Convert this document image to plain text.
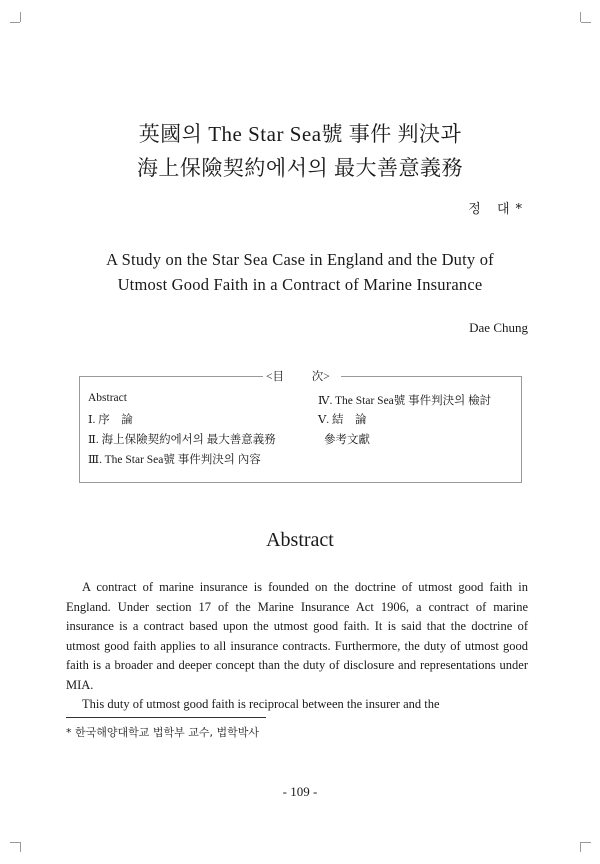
英國의 The Star Sea號 事件 判決과
海上保險契約에서의 最大善意義務
정 대*
A Study on the Star Sea Case in England and the Duty of
Utmost Good Faith in a Contract of Marine Insurance
Dae Chung
<目 次>
Abstract
Ⅰ. 序　論
Ⅱ. 海上保險契約에서의 最大善意義務
Ⅲ. The Star Sea號 事件判決의 內容
Ⅳ. The Star Sea號 事件判決의 檢討
Ⅴ. 結　論
參考文獻
Abstract

A contract of marine insurance is founded on the doctrine of utmost good faith in England. Under section 17 of the Marine Insurance Act 1906, a contract of marine insurance is a contract based upon the utmost good faith. It is said that the doctrine of utmost good faith applies to all insurance contracts. Furthermore, the duty of utmost good faith is a broader and deeper concept than the duty of disclosure and representations under MIA.

This duty of utmost good faith is reciprocal between the insurer and the

* 한국해양대학교 법학부 교수, 법학박사
- 109 -
